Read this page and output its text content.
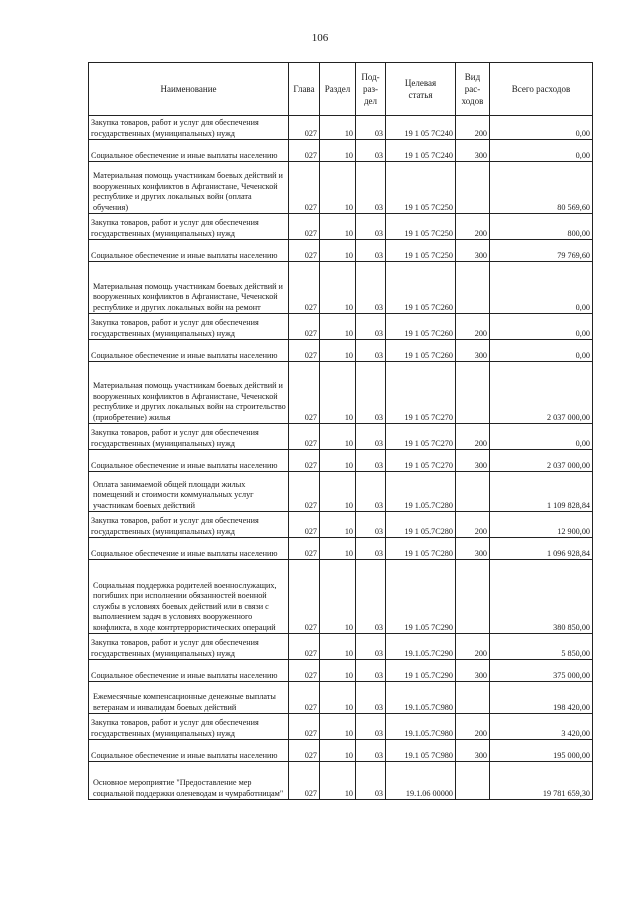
106
Наименование	Глава	Раздел	Под-
раз-
дел	Целевая
статья	Вид
рас-
ходов	Всего расходов
Закупка товаров, работ и услуг для обеспечения государственных (муниципальных) нужд	027	10	03	19 1 05 7С240	200	0,00
Социальное обеспечение и иные выплаты населению	027	10	03	19 1 05 7С240	300	0,00
Материальная помощь участникам боевых действий и вооруженных конфликтов в Афганистане, Чеченской республике и других локальных войн (оплата обучения)	027	10	03	19 1 05 7С250		80 569,60
Закупка товаров, работ и услуг для обеспечения государственных (муниципальных) нужд	027	10	03	19 1 05 7С250	200	800,00
Социальное обеспечение и иные выплаты населению	027	10	03	19 1 05 7С250	300	79 769,60
Материальная помощь участникам боевых действий и вооруженных конфликтов в Афганистане, Чеченской республике и других локальных войн на ремонт	027	10	03	19 1 05 7С260		0,00
Закупка товаров, работ и услуг для обеспечения государственных (муниципальных) нужд	027	10	03	19 1 05 7С260	200	0,00
Социальное обеспечение и иные выплаты населению	027	10	03	19 1 05 7С260	300	0,00
Материальная помощь участникам боевых действий и вооруженных конфликтов в Афганистане, Чеченской республике и других локальных войн на строительство (приобретение) жилья	027	10	03	19 1 05 7С270		2 037 000,00
Закупка товаров, работ и услуг для обеспечения государственных (муниципальных) нужд	027	10	03	19 1 05 7С270	200	0,00
Социальное обеспечение и иные выплаты населению	027	10	03	19 1 05 7С270	300	2 037 000,00
Оплата занимаемой общей площади жилых помещений и стоимости коммунальных услуг участникам боевых действий	027	10	03	19 1.05.7С280		1 109 828,84
Закупка товаров, работ и услуг для обеспечения государственных (муниципальных) нужд	027	10	03	19 1 05.7С280	200	12 900,00
Социальное обеспечение и иные выплаты населению	027	10	03	19 1 05 7С280	300	1 096 928,84
Социальная поддержка родителей военнослужащих, погибших при исполнении обязанностей военной службы в условиях боевых действий или в связи с выполнением задач в условиях вооруженного конфликта, в ходе контртеррористических операций	027	10	03	19 1.05 7С290		380 850,00
Закупка товаров, работ и услуг для обеспечения государственных (муниципальных) нужд	027	10	03	19.1.05.7С290	200	5 850,00
Социальное обеспечение и иные выплаты населению	027	10	03	19 1 05.7С290	300	375 000,00
Ежемесячные компенсационные денежные выплаты ветеранам и инвалидам боевых действий	027	10	03	19.1.05.7С980		198 420,00
Закупка товаров, работ и услуг для обеспечения государственных (муниципальных) нужд	027	10	03	19.1.05.7С980	200	3 420,00
Социальное обеспечение и иные выплаты населению	027	10	03	19.1 05 7С980	300	195 000,00
Основное мероприятие "Предоставление мер социальной поддержки оленеводам и чумработницам"	027	10	03	19.1.06 00000		19 781 659,30
